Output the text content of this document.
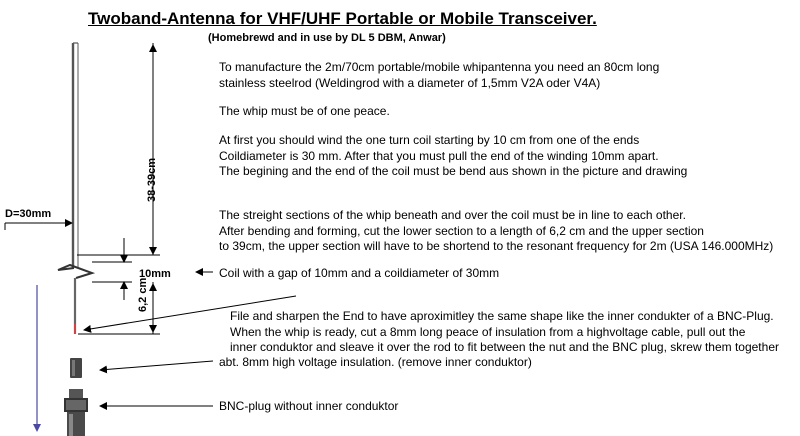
Twoband-Antenna for VHF/UHF Portable or Mobile Transceiver.
(Homebrewd and in use by DL 5 DBM, Anwar)
To manufacture the 2m/70cm portable/mobile whipantenna you need an 80cm long
stainless steelrod (Weldingrod with a diameter of 1,5mm V2A oder V4A)
The whip must be of one peace.
At first you should wind the one turn coil starting by 10 cm from one of the ends
Coildiameter is 30 mm. After that you must pull the end of the winding 10mm apart.
The begining and the end of the coil must be bend aus shown in the picture and drawing
The streight sections of the whip beneath and over the coil must be in line to each other.
After bending and forming, cut the lower section to a length of 6,2 cm and the upper section
to 39cm, the upper section will have to be shortend to the resonant frequency for 2m (USA 146.000MHz)
Coil with a gap of 10mm and a coildiameter of 30mm
File and sharpen the End to have aproximitley the same shape like the inner condukter of a BNC-Plug.
When the whip is ready, cut a 8mm long peace of insulation from a highvoltage cable, pull out the
inner conduktor and sleave it over the rod to fit between the nut and the BNC plug, skrew them together
abt. 8mm high voltage insulation. (remove inner conduktor)
BNC-plug without inner conduktor
10mm
D=30mm
38-39cm
6,2 cm
